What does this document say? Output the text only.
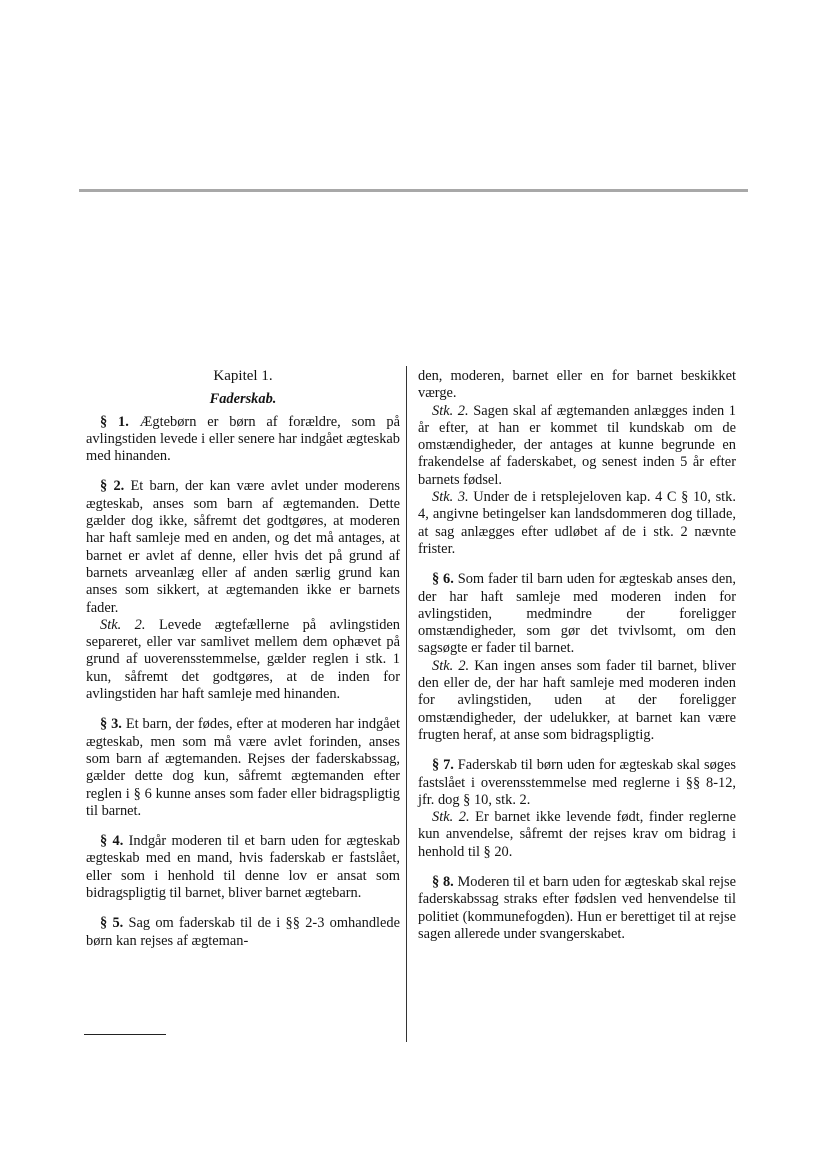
Kapitel 1.

Faderskab.

§ 1. Ægtebørn er børn af forældre, som på avlingstiden levede i eller senere har indgået ægteskab med hinanden.

§ 2. Et barn, der kan være avlet under moderens ægteskab, anses som barn af ægtemanden. Dette gælder dog ikke, såfremt det godtgøres, at moderen har haft samleje med en anden, og det må antages, at barnet er avlet af denne, eller hvis det på grund af barnets arveanlæg eller af anden særlig grund kan anses som sikkert, at ægtemanden ikke er barnets fader.

Stk. 2. Levede ægtefællerne på avlingstiden separeret, eller var samlivet mellem dem ophævet på grund af uoverensstemmelse, gælder reglen i stk. 1 kun, såfremt det godtgøres, at de inden for avlingstiden har haft samleje med hinanden.

§ 3. Et barn, der fødes, efter at moderen har indgået ægteskab, men som må være avlet forinden, anses som barn af ægtemanden. Rejses der faderskabssag, gælder dette dog kun, såfremt ægtemanden efter reglen i § 6 kunne anses som fader eller bidragspligtig til barnet.

§ 4. Indgår moderen til et barn uden for ægteskab ægteskab med en mand, hvis faderskab er fastslået, eller som i henhold til denne lov er ansat som bidragspligtig til barnet, bliver barnet ægtebarn.

§ 5. Sag om faderskab til de i §§ 2-3 omhandlede børn kan rejses af ægteman-

den, moderen, barnet eller en for barnet beskikket værge.

Stk. 2. Sagen skal af ægtemanden anlægges inden 1 år efter, at han er kommet til kundskab om de omstændigheder, der antages at kunne begrunde en frakendelse af faderskabet, og senest inden 5 år efter barnets fødsel.

Stk. 3. Under de i retsplejeloven kap. 4 C § 10, stk. 4, angivne betingelser kan landsdommeren dog tillade, at sag anlægges efter udløbet af de i stk. 2 nævnte frister.

§ 6. Som fader til barn uden for ægteskab anses den, der har haft samleje med moderen inden for avlingstiden, medmindre der foreligger omstændigheder, som gør det tvivlsomt, om den sagsøgte er fader til barnet.

Stk. 2. Kan ingen anses som fader til barnet, bliver den eller de, der har haft samleje med moderen inden for avlingstiden, uden at der foreligger omstændigheder, der udelukker, at barnet kan være frugten heraf, at anse som bidragspligtig.

§ 7. Faderskab til børn uden for ægteskab skal søges fastslået i overensstemmelse med reglerne i §§ 8-12, jfr. dog § 10, stk. 2.

Stk. 2. Er barnet ikke levende født, finder reglerne kun anvendelse, såfremt der rejses krav om bidrag i henhold til § 20.

§ 8. Moderen til et barn uden for ægteskab skal rejse faderskabssag straks efter fødslen ved henvendelse til politiet (kommunefogden). Hun er berettiget til at rejse sagen allerede under svangerskabet.
